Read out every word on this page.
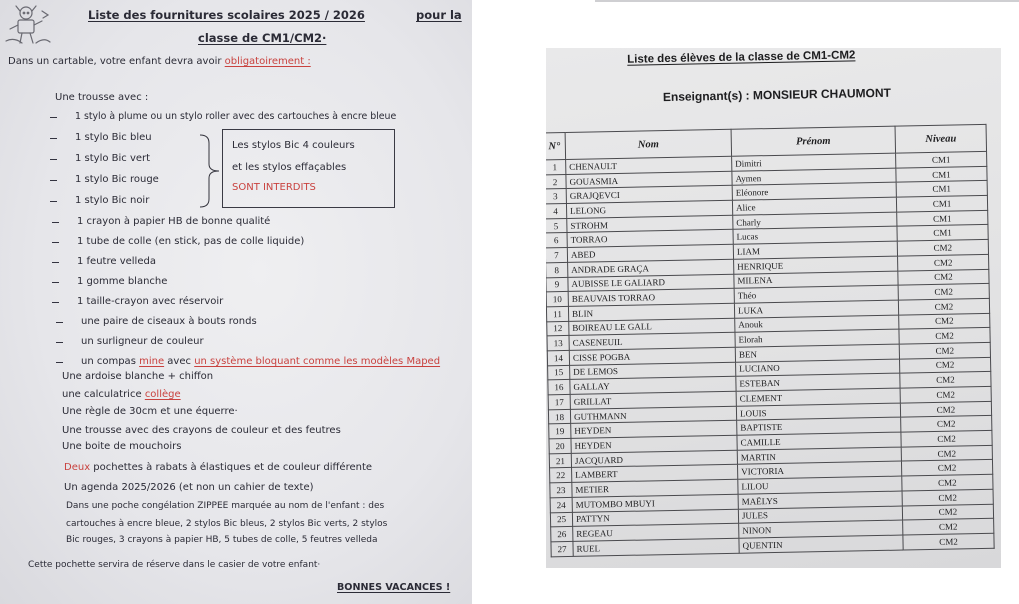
Liste des fournitures scolaires 2025 / 2026	pour la
classe de CM1/CM2·
Dans un cartable, votre enfant devra avoir obligatoirement :
Une trousse avec :
1 stylo à plume ou un stylo roller avec des cartouches à encre bleue
1 stylo Bic bleu
1 stylo Bic vert
1 stylo Bic rouge
1 stylo Bic noir
Les stylos Bic 4 couleurs
et les stylos effaçables
SONT INTERDITS
1 crayon à papier HB de bonne qualité
1 tube de colle (en stick, pas de colle liquide)
1 feutre velleda
1 gomme blanche
1 taille-crayon avec réservoir
une paire de ciseaux à bouts ronds
un surligneur de couleur
un compas mine avec un système bloquant comme les modèles Maped
Une ardoise blanche + chiffon
une calculatrice collège
Une règle de 30cm et une équerre·
Une trousse avec des crayons de couleur et des feutres
Une boite de mouchoirs
Deux pochettes à rabats à élastiques et de couleur différente
Un agenda 2025/2026 (et non un cahier de texte)
Dans une poche congélation ZIPPEE marquée au nom de l'enfant : des
cartouches à encre bleue, 2 stylos Bic bleus, 2 stylos Bic verts, 2 stylos
Bic rouges, 3 crayons à papier HB, 5 tubes de colle, 5 feutres velleda
Cette pochette servira de réserve dans le casier de votre enfant·
BONNES VACANCES !
Liste des élèves de la classe de CM1-CM2
Enseignant(s) : MONSIEUR CHAUMONT
N°	Nom	Prénom	Niveau
1	CHENAULT	Dimitri	CM1
2	GOUASMIA	Aymen	CM1
3	GRAJQEVCI	Eléonore	CM1
4	LELONG	Alice	CM1
5	STROHM	Charly	CM1
6	TORRAO	Lucas	CM1
7	ABED	LIAM	CM2
8	ANDRADE GRAÇA	HENRIQUE	CM2
9	AUBISSE LE GALIARD	MILENA	CM2
10	BEAUVAIS TORRAO	Théo	CM2
11	BLIN	LUKA	CM2
12	BOIREAU LE GALL	Anouk	CM2
13	CASENEUIL	Elorah	CM2
14	CISSE POGBA	BEN	CM2
15	DE LEMOS	LUCIANO	CM2
16	GALLAY	ESTEBAN	CM2
17	GRILLAT	CLEMENT	CM2
18	GUTHMANN	LOUIS	CM2
19	HEYDEN	BAPTISTE	CM2
20	HEYDEN	CAMILLE	CM2
21	JACQUARD	MARTIN	CM2
22	LAMBERT	VICTORIA	CM2
23	METIER	LILOU	CM2
24	MUTOMBO MBUYI	MAËLYS	CM2
25	PATTYN	JULES	CM2
26	REGEAU	NINON	CM2
27	RUEL	QUENTIN	CM2
